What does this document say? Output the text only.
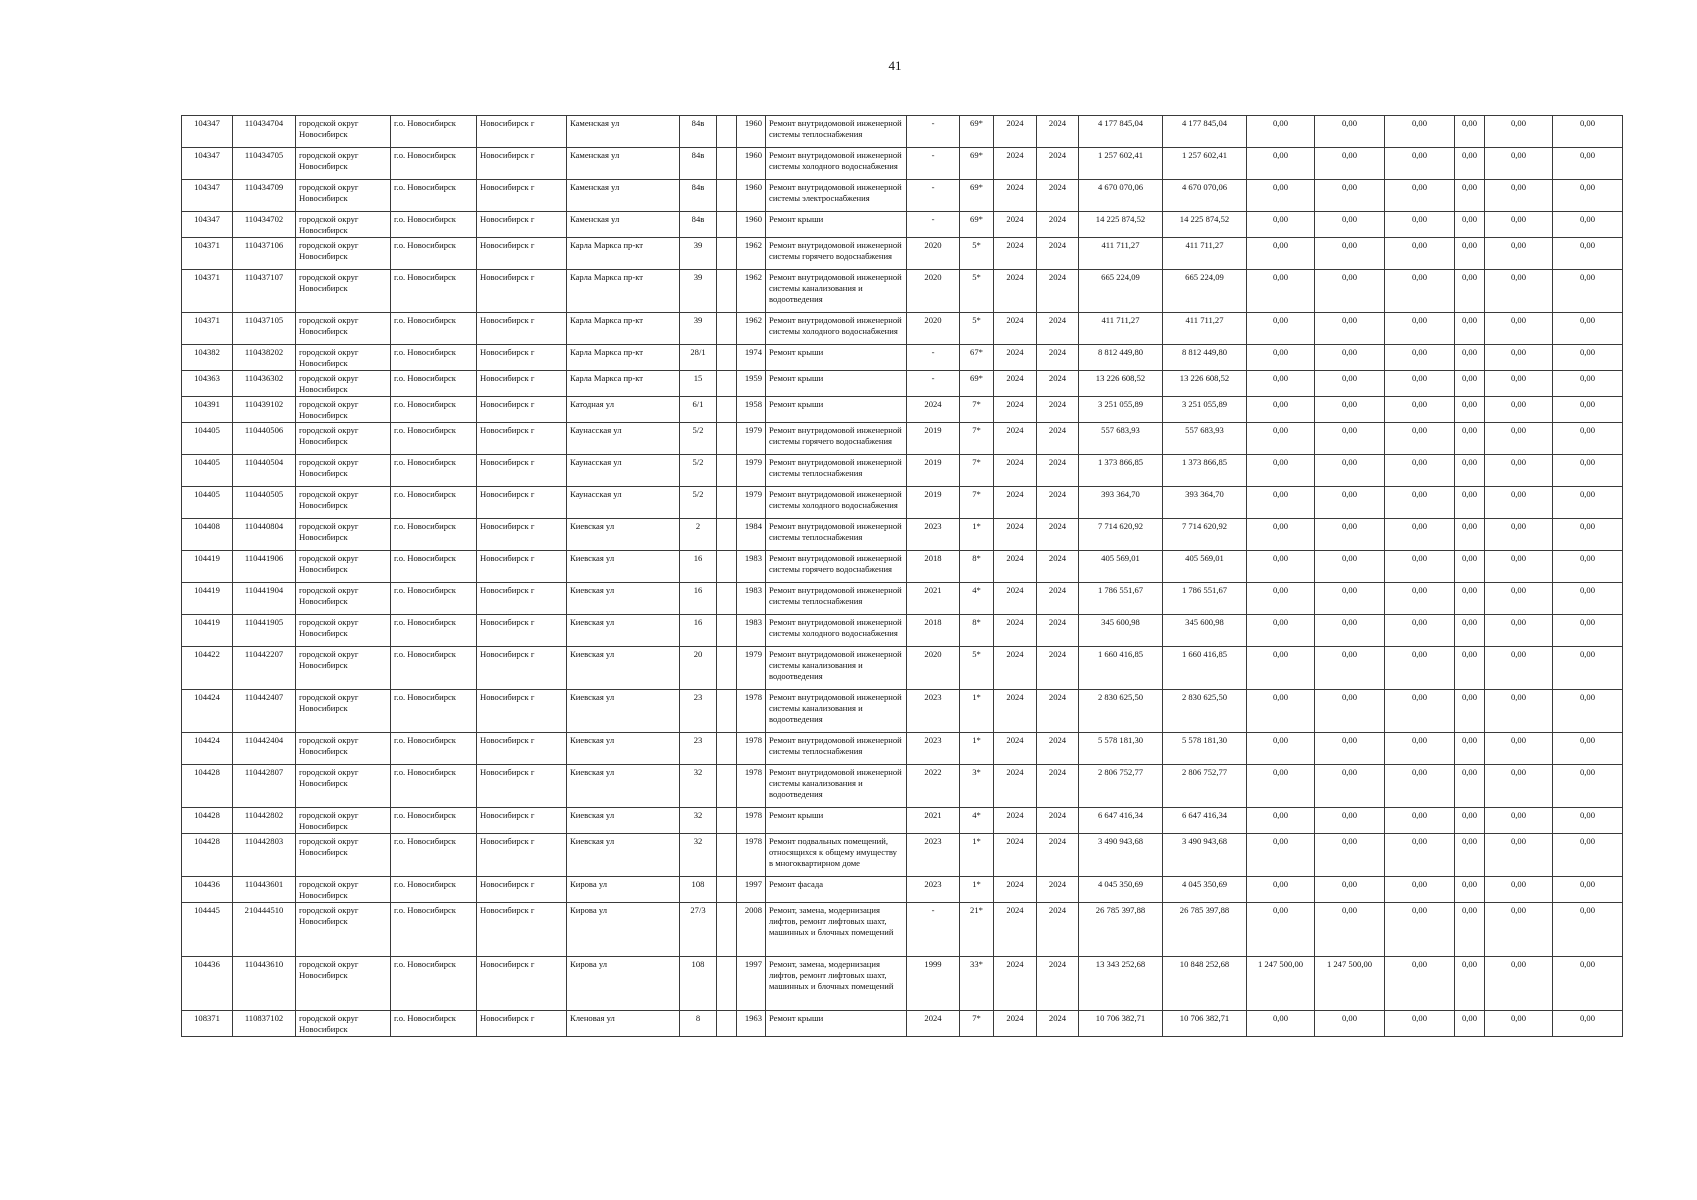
41
104347	110434704	городской округ Новосибирск	г.о. Новосибирск	Новосибирск г	Каменская ул	84в		1960	Ремонт внутридомовой инженерной системы теплоснабжения	-	69*	2024	2024	4 177 845,04	4 177 845,04	0,00	0,00	0,00	0,00	0,00	0,00
104347	110434705	городской округ Новосибирск	г.о. Новосибирск	Новосибирск г	Каменская ул	84в		1960	Ремонт внутридомовой инженерной системы холодного водоснабжения	-	69*	2024	2024	1 257 602,41	1 257 602,41	0,00	0,00	0,00	0,00	0,00	0,00
104347	110434709	городской округ Новосибирск	г.о. Новосибирск	Новосибирск г	Каменская ул	84в		1960	Ремонт внутридомовой инженерной системы электроснабжения	-	69*	2024	2024	4 670 070,06	4 670 070,06	0,00	0,00	0,00	0,00	0,00	0,00
104347	110434702	городской округ Новосибирск	г.о. Новосибирск	Новосибирск г	Каменская ул	84в		1960	Ремонт крыши	-	69*	2024	2024	14 225 874,52	14 225 874,52	0,00	0,00	0,00	0,00	0,00	0,00
104371	110437106	городской округ Новосибирск	г.о. Новосибирск	Новосибирск г	Карла Маркса пр-кт	39		1962	Ремонт внутридомовой инженерной системы горячего водоснабжения	2020	5*	2024	2024	411 711,27	411 711,27	0,00	0,00	0,00	0,00	0,00	0,00
104371	110437107	городской округ Новосибирск	г.о. Новосибирск	Новосибирск г	Карла Маркса пр-кт	39		1962	Ремонт внутридомовой инженерной системы канализования и водоотведения	2020	5*	2024	2024	665 224,09	665 224,09	0,00	0,00	0,00	0,00	0,00	0,00
104371	110437105	городской округ Новосибирск	г.о. Новосибирск	Новосибирск г	Карла Маркса пр-кт	39		1962	Ремонт внутридомовой инженерной системы холодного водоснабжения	2020	5*	2024	2024	411 711,27	411 711,27	0,00	0,00	0,00	0,00	0,00	0,00
104382	110438202	городской округ Новосибирск	г.о. Новосибирск	Новосибирск г	Карла Маркса пр-кт	28/1		1974	Ремонт крыши	-	67*	2024	2024	8 812 449,80	8 812 449,80	0,00	0,00	0,00	0,00	0,00	0,00
104363	110436302	городской округ Новосибирск	г.о. Новосибирск	Новосибирск г	Карла Маркса пр-кт	15		1959	Ремонт крыши	-	69*	2024	2024	13 226 608,52	13 226 608,52	0,00	0,00	0,00	0,00	0,00	0,00
104391	110439102	городской округ Новосибирск	г.о. Новосибирск	Новосибирск г	Катодная ул	6/1		1958	Ремонт крыши	2024	7*	2024	2024	3 251 055,89	3 251 055,89	0,00	0,00	0,00	0,00	0,00	0,00
104405	110440506	городской округ Новосибирск	г.о. Новосибирск	Новосибирск г	Каунасская ул	5/2		1979	Ремонт внутридомовой инженерной системы горячего водоснабжения	2019	7*	2024	2024	557 683,93	557 683,93	0,00	0,00	0,00	0,00	0,00	0,00
104405	110440504	городской округ Новосибирск	г.о. Новосибирск	Новосибирск г	Каунасская ул	5/2		1979	Ремонт внутридомовой инженерной системы теплоснабжения	2019	7*	2024	2024	1 373 866,85	1 373 866,85	0,00	0,00	0,00	0,00	0,00	0,00
104405	110440505	городской округ Новосибирск	г.о. Новосибирск	Новосибирск г	Каунасская ул	5/2		1979	Ремонт внутридомовой инженерной системы холодного водоснабжения	2019	7*	2024	2024	393 364,70	393 364,70	0,00	0,00	0,00	0,00	0,00	0,00
104408	110440804	городской округ Новосибирск	г.о. Новосибирск	Новосибирск г	Киевская ул	2		1984	Ремонт внутридомовой инженерной системы теплоснабжения	2023	1*	2024	2024	7 714 620,92	7 714 620,92	0,00	0,00	0,00	0,00	0,00	0,00
104419	110441906	городской округ Новосибирск	г.о. Новосибирск	Новосибирск г	Киевская ул	16		1983	Ремонт внутридомовой инженерной системы горячего водоснабжения	2018	8*	2024	2024	405 569,01	405 569,01	0,00	0,00	0,00	0,00	0,00	0,00
104419	110441904	городской округ Новосибирск	г.о. Новосибирск	Новосибирск г	Киевская ул	16		1983	Ремонт внутридомовой инженерной системы теплоснабжения	2021	4*	2024	2024	1 786 551,67	1 786 551,67	0,00	0,00	0,00	0,00	0,00	0,00
104419	110441905	городской округ Новосибирск	г.о. Новосибирск	Новосибирск г	Киевская ул	16		1983	Ремонт внутридомовой инженерной системы холодного водоснабжения	2018	8*	2024	2024	345 600,98	345 600,98	0,00	0,00	0,00	0,00	0,00	0,00
104422	110442207	городской округ Новосибирск	г.о. Новосибирск	Новосибирск г	Киевская ул	20		1979	Ремонт внутридомовой инженерной системы канализования и водоотведения	2020	5*	2024	2024	1 660 416,85	1 660 416,85	0,00	0,00	0,00	0,00	0,00	0,00
104424	110442407	городской округ Новосибирск	г.о. Новосибирск	Новосибирск г	Киевская ул	23		1978	Ремонт внутридомовой инженерной системы канализования и водоотведения	2023	1*	2024	2024	2 830 625,50	2 830 625,50	0,00	0,00	0,00	0,00	0,00	0,00
104424	110442404	городской округ Новосибирск	г.о. Новосибирск	Новосибирск г	Киевская ул	23		1978	Ремонт внутридомовой инженерной системы теплоснабжения	2023	1*	2024	2024	5 578 181,30	5 578 181,30	0,00	0,00	0,00	0,00	0,00	0,00
104428	110442807	городской округ Новосибирск	г.о. Новосибирск	Новосибирск г	Киевская ул	32		1978	Ремонт внутридомовой инженерной системы канализования и водоотведения	2022	3*	2024	2024	2 806 752,77	2 806 752,77	0,00	0,00	0,00	0,00	0,00	0,00
104428	110442802	городской округ Новосибирск	г.о. Новосибирск	Новосибирск г	Киевская ул	32		1978	Ремонт крыши	2021	4*	2024	2024	6 647 416,34	6 647 416,34	0,00	0,00	0,00	0,00	0,00	0,00
104428	110442803	городской округ Новосибирск	г.о. Новосибирск	Новосибирск г	Киевская ул	32		1978	Ремонт подвальных помещений, относящихся к общему имуществу в многоквартирном доме	2023	1*	2024	2024	3 490 943,68	3 490 943,68	0,00	0,00	0,00	0,00	0,00	0,00
104436	110443601	городской округ Новосибирск	г.о. Новосибирск	Новосибирск г	Кирова ул	108		1997	Ремонт фасада	2023	1*	2024	2024	4 045 350,69	4 045 350,69	0,00	0,00	0,00	0,00	0,00	0,00
104445	210444510	городской округ Новосибирск	г.о. Новосибирск	Новосибирск г	Кирова ул	27/3		2008	Ремонт, замена, модернизация лифтов, ремонт лифтовых шахт, машинных и блочных помещений	-	21*	2024	2024	26 785 397,88	26 785 397,88	0,00	0,00	0,00	0,00	0,00	0,00
104436	110443610	городской округ Новосибирск	г.о. Новосибирск	Новосибирск г	Кирова ул	108		1997	Ремонт, замена, модернизация лифтов, ремонт лифтовых шахт, машинных и блочных помещений	1999	33*	2024	2024	13 343 252,68	10 848 252,68	1 247 500,00	1 247 500,00	0,00	0,00	0,00	0,00
108371	110837102	городской округ Новосибирск	г.о. Новосибирск	Новосибирск г	Кленовая ул	8		1963	Ремонт крыши	2024	7*	2024	2024	10 706 382,71	10 706 382,71	0,00	0,00	0,00	0,00	0,00	0,00
